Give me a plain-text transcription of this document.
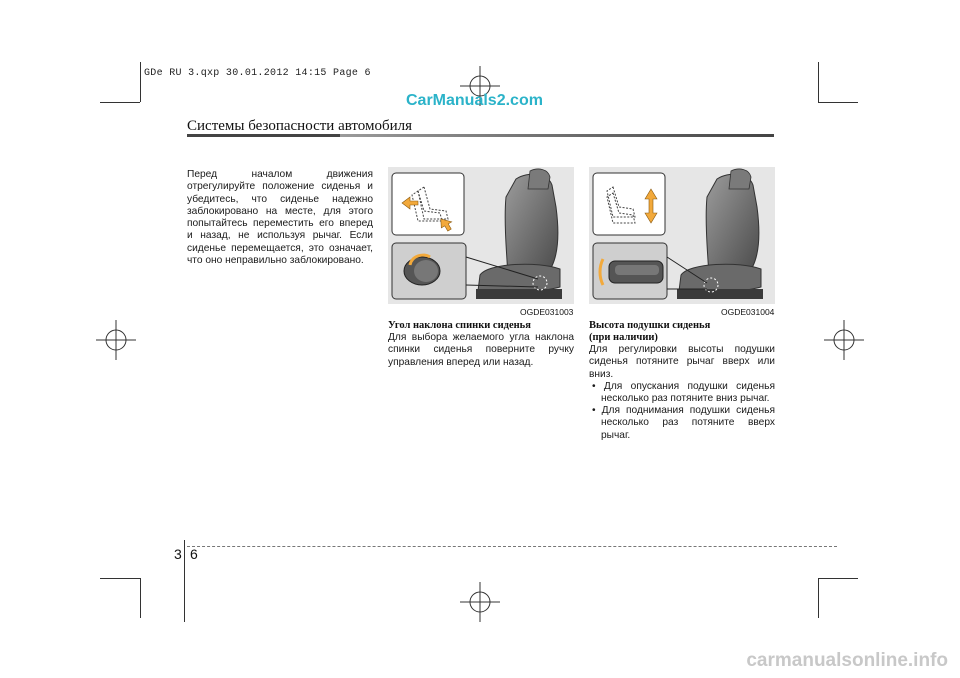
GDe RU 3.qxp 30.01.2012 14:15 Page 6
CarManuals2.com
Системы безопасности автомобиля
Перед началом движения отрегулируйте положение сиденья и убедитесь, что сиденье надежно заблокировано на месте, для этого попытайтесь переместить его вперед и назад, не используя рычаг. Если сиденье перемещается, это означает, что оно неправильно заблокировано.
OGDE031003
Угол наклона спинки сиденья
Для выбора желаемого угла наклона спинки сиденья поверните ручку управления вперед или назад.
OGDE031004
Высота подушки сиденья
(при наличии)
Для регулировки высоты подушки сиденья потяните рычаг вверх или вниз.
• Для опускания подушки сиденья несколько раз потяните вниз рычаг.
• Для поднимания подушки сиденья несколько раз потяните вверх рычаг.
3 6
carmanualsonline.info
